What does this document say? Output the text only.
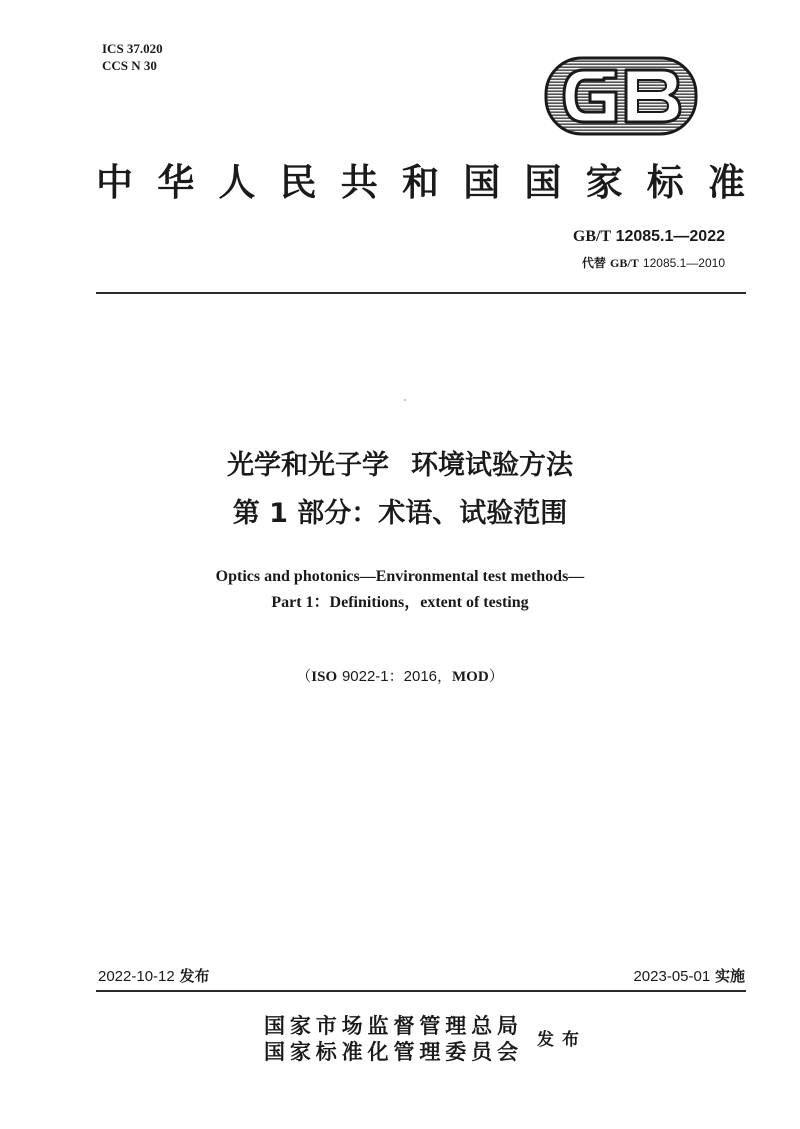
ICS 37.020
CCS N 30
中华人民共和国国家标准
GB/T 12085.1—2022
代替 GB/T 12085.1—2010
光学和光子学 环境试验方法
第 1 部分：术语、试验范围
Optics and photonics—Environmental test methods—
Part 1：Definitions，extent of testing
（ISO 9022-1：2016，MOD）
2022-10-12 发布	2023-05-01 实施
国家市场监督管理总局
国家标准化管理委员会 发布
